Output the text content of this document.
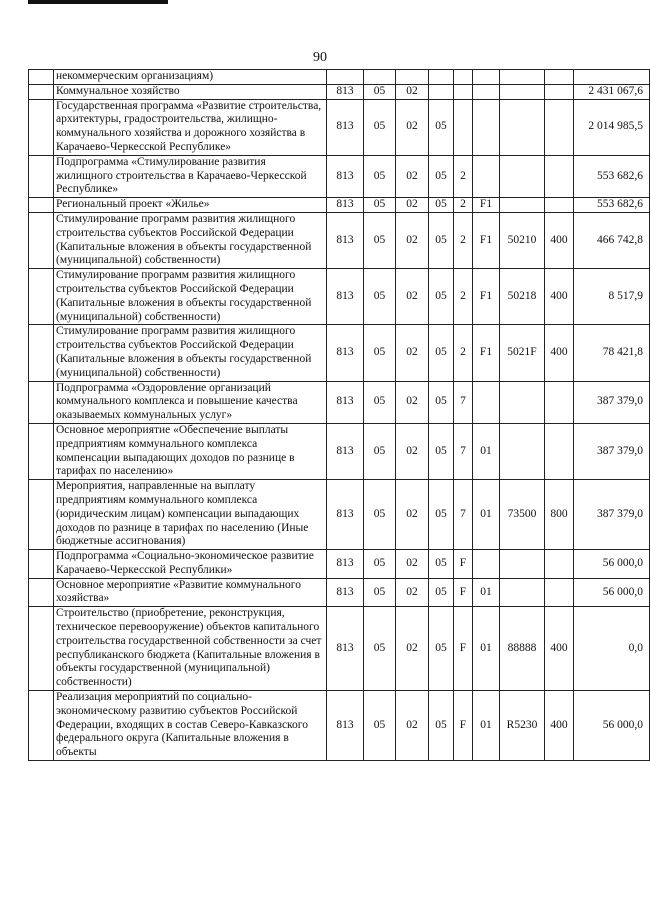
90
	некоммерческим организациям)									
	Коммунальное хозяйство	813	05	02						2 431 067,6
	Государственная программа «Развитие строительства, архитектуры, градостроительства, жилищно-коммунального хозяйства и дорожного хозяйства в Карачаево-Черкесской Республике»	813	05	02	05					2 014 985,5
	Подпрограмма «Стимулирование развития жилищного строительства в Карачаево-Черкесской Республике»	813	05	02	05	2				553 682,6
	Региональный проект «Жилье»	813	05	02	05	2	F1			553 682,6
	Стимулирование программ развития жилищного строительства субъектов Российской Федерации (Капитальные вложения в объекты государственной (муниципальной) собственности)	813	05	02	05	2	F1	50210	400	466 742,8
	Стимулирование программ развития жилищного строительства субъектов Российской Федерации (Капитальные вложения в объекты государственной (муниципальной) собственности)	813	05	02	05	2	F1	50218	400	8 517,9
	Стимулирование программ развития жилищного строительства субъектов Российской Федерации (Капитальные вложения в объекты государственной (муниципальной) собственности)	813	05	02	05	2	F1	5021F	400	78 421,8
	Подпрограмма «Оздоровление организаций коммунального комплекса и повышение качества оказываемых коммунальных услуг»	813	05	02	05	7				387 379,0
	Основное мероприятие «Обеспечение выплаты предприятиям коммунального комплекса компенсации выпадающих доходов по разнице в тарифах по населению»	813	05	02	05	7	01			387 379,0
	Мероприятия, направленные на выплату предприятиям коммунального комплекса (юридическим лицам) компенсации выпадающих доходов по разнице в тарифах по населению (Иные бюджетные ассигнования)	813	05	02	05	7	01	73500	800	387 379,0
	Подпрограмма «Социально-экономическое развитие Карачаево-Черкесской Республики»	813	05	02	05	F				56 000,0
	Основное мероприятие «Развитие коммунального хозяйства»	813	05	02	05	F	01			56 000,0
	Строительство (приобретение, реконструкция, техническое перевооружение) объектов капитального строительства государственной собственности за счет республиканского бюджета (Капитальные вложения в объекты государственной (муниципальной) собственности)	813	05	02	05	F	01	88888	400	0,0
	Реализация мероприятий по социально-экономическому развитию субъектов Российской Федерации, входящих в состав Северо-Кавказского федерального округа (Капитальные вложения в объекты	813	05	02	05	F	01	R5230	400	56 000,0
